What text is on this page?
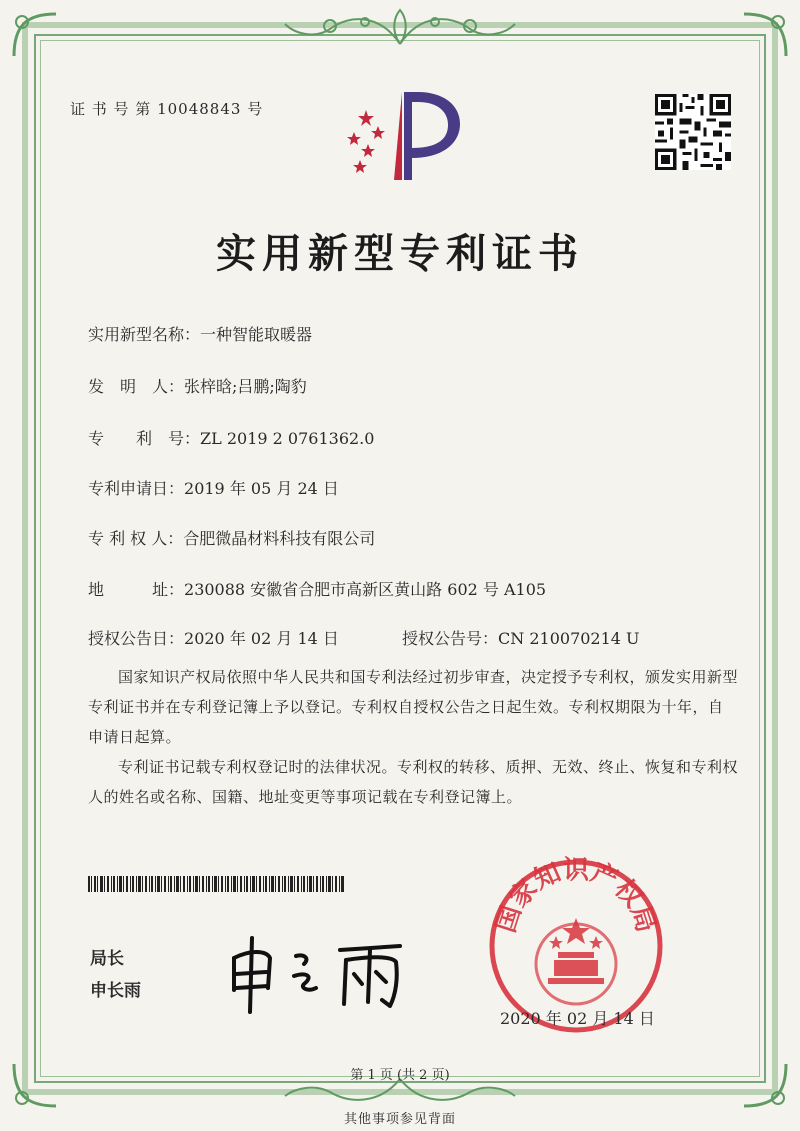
证 书 号 第 10048843 号
实用新型专利证书
实用新型名称：一种智能取暖器
发　明　人：张梓晗;吕鹏;陶豹
专　　利　号：ZL 2019 2 0761362.0
专利申请日：2019 年 05 月 24 日
专 利 权 人：合肥微晶材料科技有限公司
地　　　址：230088 安徽省合肥市高新区黄山路 602 号 A105
授权公告日：2020 年 02 月 14 日	授权公告号：CN 210070214 U
国家知识产权局依照中华人民共和国专利法经过初步审查，决定授予专利权，颁发实用新型专利证书并在专利登记簿上予以登记。专利权自授权公告之日起生效。专利权期限为十年，自申请日起算。
专利证书记载专利权登记时的法律状况。专利权的转移、质押、无效、终止、恢复和专利权人的姓名或名称、国籍、地址变更等事项记载在专利登记簿上。
局长
申长雨
国家知识产权局
2020 年 02 月 14 日
第 1 页 (共 2 页)
其他事项参见背面
